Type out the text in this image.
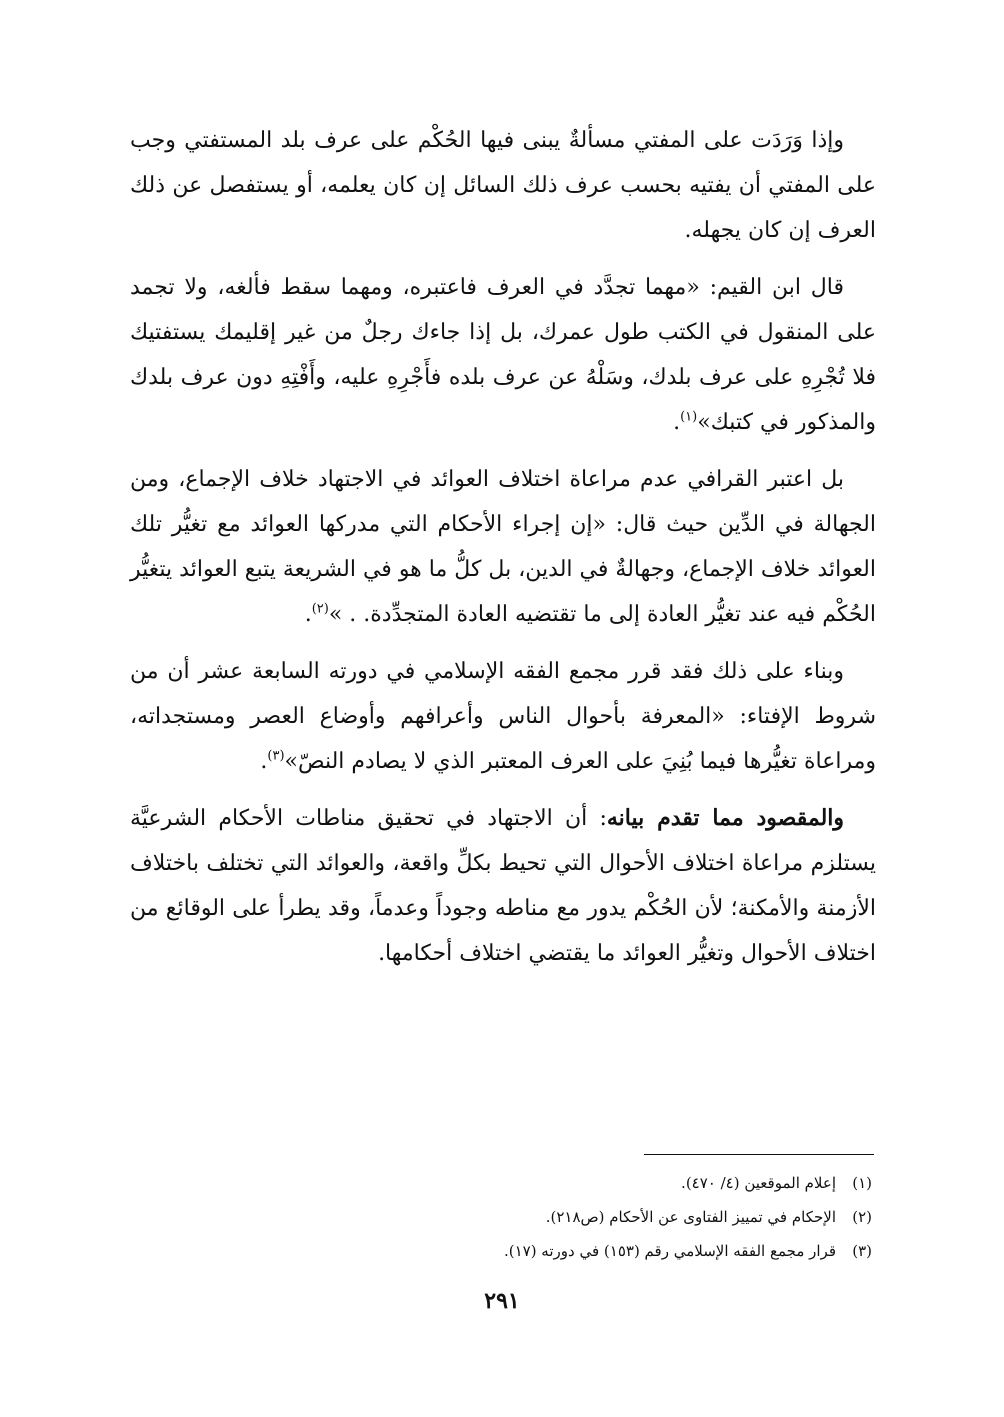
وإذا وَرَدَت على المفتي مسألةٌ يبنى فيها الحُكْم على عرف بلد المستفتي وجب على المفتي أن يفتيه بحسب عرف ذلك السائل إن كان يعلمه، أو يستفصل عن ذلك العرف إن كان يجهله.

قال ابن القيم: «مهما تجدَّد في العرف فاعتبره، ومهما سقط فألغه، ولا تجمد على المنقول في الكتب طول عمرك، بل إذا جاءك رجلٌ من غير إقليمك يستفتيك فلا تُجْرِهِ على عرف بلدك، وسَلْهُ عن عرف بلده فأَجْرِهِ عليه، وأَفْتِهِ دون عرف بلدك والمذكور في كتبك»$^{(١)}$.

بل اعتبر القرافي عدم مراعاة اختلاف العوائد في الاجتهاد خلاف الإجماع، ومن الجهالة في الدِّين حيث قال: «إن إجراء الأحكام التي مدركها العوائد مع تغيُّر تلك العوائد خلاف الإجماع، وجهالةٌ في الدين، بل كلُّ ما هو في الشريعة يتبع العوائد يتغيُّر الحُكْم فيه عند تغيُّر العادة إلى ما تقتضيه العادة المتجدِّدة. . »$^{(٢)}$.

وبناء على ذلك فقد قرر مجمع الفقه الإسلامي في دورته السابعة عشر أن من شروط الإفتاء: «المعرفة بأحوال الناس وأعرافهم وأوضاع العصر ومستجداته، ومراعاة تغيُّرها فيما بُنِيَ على العرف المعتبر الذي لا يصادم النصّ»$^{(٣)}$.

والمقصود مما تقدم بيانه: أن الاجتهاد في تحقيق مناطات الأحكام الشرعيَّة يستلزم مراعاة اختلاف الأحوال التي تحيط بكلِّ واقعة، والعوائد التي تختلف باختلاف الأزمنة والأمكنة؛ لأن الحُكْم يدور مع مناطه وجوداً وعدماً، وقد يطرأ على الوقائع من اختلاف الأحوال وتغيُّر العوائد ما يقتضي اختلاف أحكامها.

(١)
إعلام الموقعين (٤/ ٤٧٠).
(٢)
الإحكام في تمييز الفتاوى عن الأحكام (ص٢١٨).
(٣)
قرار مجمع الفقه الإسلامي رقم (١٥٣) في دورته (١٧).
٢٩١
